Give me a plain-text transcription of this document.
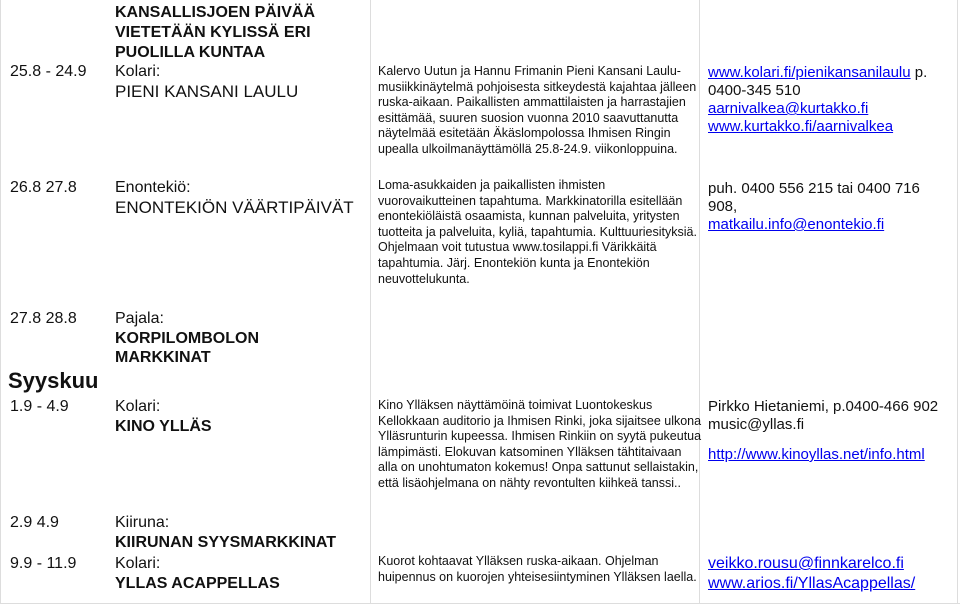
KANSALLISJOEN PÄIVÄÄ
VIETETÄÄN KYLISSÄ ERI
PUOLILLA KUNTAA
25.8 - 24.9 Kolari:
PIENI KANSANI LAULU
Kalervo Uutun ja Hannu Frimanin Pieni Kansani Laulu- musiikkinäytelmä pohjoisesta sitkeydestä kajahtaa jälleen ruska-aikaan. Paikallisten ammattilaisten ja harrastajien esittämää, suuren suosion vuonna 2010 saavuttanutta näytelmää esitetään Äkäslompolossa Ihmisen Ringin upealla ulkoilmanäyttämöllä 25.8-24.9. viikonloppuina.
www.kolari.fi/pienikansanilaulu p. 0400-345 510
aarnivalkea@kurtakko.fi
www.kurtakko.fi/aarnivalkea
26.8 27.8 Enontekiö:
ENONTEKIÖN VÄÄRTIPÄIVÄT
Loma-asukkaiden ja paikallisten ihmisten vuorovaikutteinen tapahtuma. Markkinatorilla esitellään enontekiöläistä osaamista, kunnan palveluita, yritysten tuotteita ja palveluita, kyliä, tapahtumia. Kulttuuriesityksiä. Ohjelmaan voit tutustua www.tosilappi.fi Värikkäitä tapahtumia. Järj. Enontekiön kunta ja Enontekiön neuvottelukunta.
puh. 0400 556 215 tai 0400 716 908,
matkailu.info@enontekio.fi
27.8 28.8 Pajala:
KORPILOMBOLON
MARKKINAT
Syyskuu
1.9 - 4.9	Kolari:
KINO YLLÄS
Kino Ylläksen näyttämöinä toimivat Luontokeskus Kellokkaan auditorio ja Ihmisen Rinki, joka sijaitsee ulkona Ylläsrunturin kupeessa. Ihmisen Rinkiin on syytä pukeutua lämpimästi. Elokuvan katsominen Ylläksen tähtitaivaan alla on unohtumaton kokemus! Onpa sattunut sellaistakin, että lisäohjelmana on nähty revontulten kiihkeä tanssi..
Pirkko Hietaniemi, p.0400-466 902 music@yllas.fi

http://www.kinoyllas.net/info.html
2.9 4.9	Kiiruna:
KIIRUNAN SYYSMARKKINAT
9.9 - 11.9 Kolari:
YLLAS ACAPPELLAS
Kuorot kohtaavat Ylläksen ruska-aikaan. Ohjelman huipennus on kuorojen yhteisesiintyminen Ylläksen laella.
veikko.rousu@finnkarelco.fi
www.arios.fi/YllasAcappellas/
